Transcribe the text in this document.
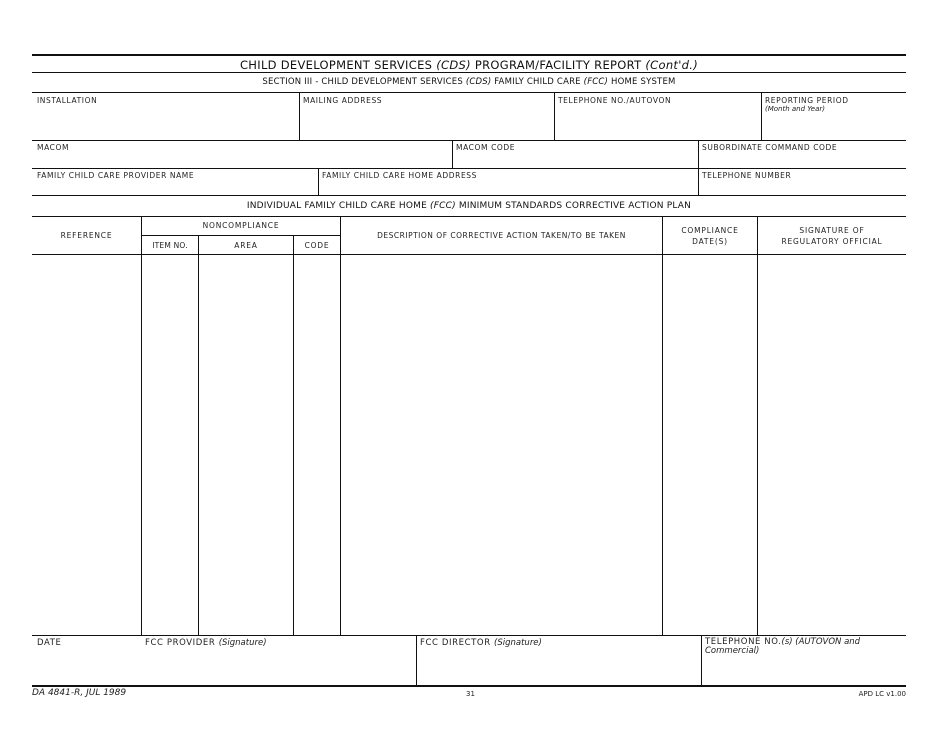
CHILD DEVELOPMENT SERVICES (CDS) PROGRAM/FACILITY REPORT (Cont'd.)
SECTION III - CHILD DEVELOPMENT SERVICES (CDS) FAMILY CHILD CARE (FCC) HOME SYSTEM
INSTALLATION	MAILING ADDRESS	TELEPHONE NO./AUTOVON	REPORTING PERIOD
(Month and Year)
MACOM	MACOM CODE	SUBORDINATE COMMAND CODE
FAMILY CHILD CARE PROVIDER NAME	FAMILY CHILD CARE HOME ADDRESS	TELEPHONE NUMBER
INDIVIDUAL FAMILY CHILD CARE HOME (FCC) MINIMUM STANDARDS CORRECTIVE ACTION PLAN
REFERENCE
NONCOMPLIANCE
ITEM NO.	AREA	CODE
DESCRIPTION OF CORRECTIVE ACTION TAKEN/TO BE TAKEN
COMPLIANCE
DATE(S)
SIGNATURE OF
REGULATORY OFFICIAL
DATE	FCC PROVIDER (Signature)	FCC DIRECTOR (Signature)	TELEPHONE NO.(s) (AUTOVON and
Commercial)
DA 4841-R, JUL 1989	31	APD LC v1.00
